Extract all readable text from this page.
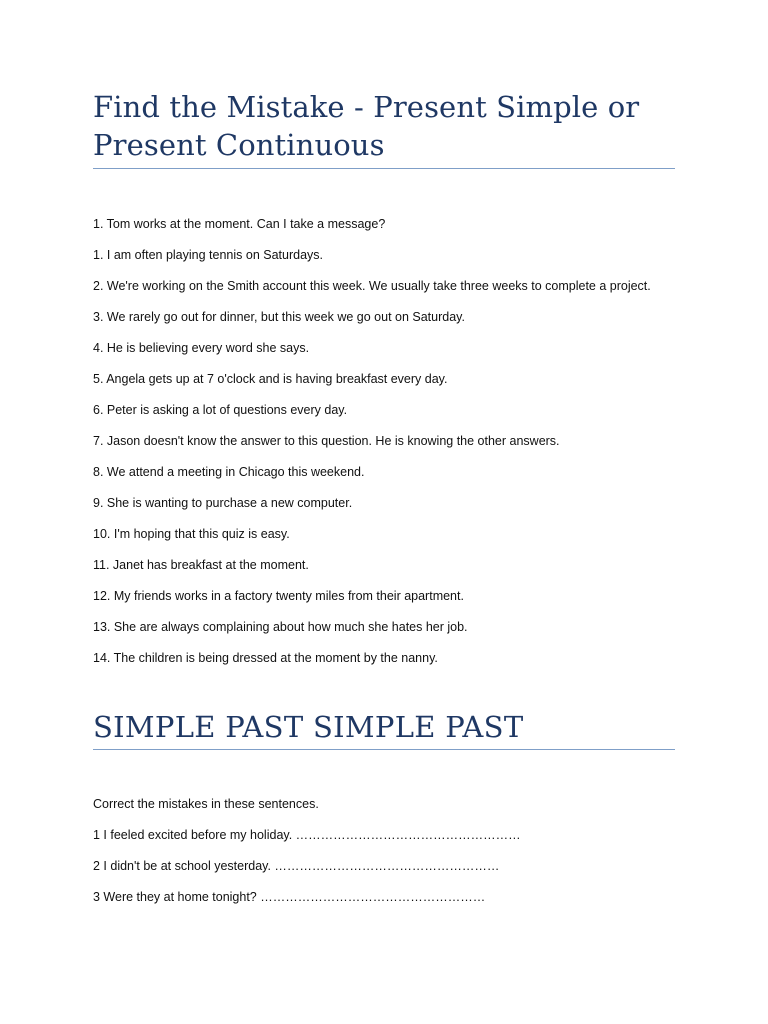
Find the Mistake - Present Simple or
Present Continuous
1. Tom works at the moment. Can I take a message?
1. I am often playing tennis on Saturdays.
2. We're working on the Smith account this week. We usually take three weeks to complete a project.
3. We rarely go out for dinner, but this week we go out on Saturday.
4. He is believing every word she says.
5. Angela gets up at 7 o'clock and is having breakfast every day.
6. Peter is asking a lot of questions every day.
7. Jason doesn't know the answer to this question. He is knowing the other answers.
8. We attend a meeting in Chicago this weekend.
9. She is wanting to purchase a new computer.
10. I'm hoping that this quiz is easy.
11. Janet has breakfast at the moment.
12. My friends works in a factory twenty miles from their apartment.
13. She are always complaining about how much she hates her job.
14. The children is being dressed at the moment by the nanny.
SIMPLE PAST SIMPLE PAST
Correct the mistakes in these sentences.
1 I feeled excited before my holiday. ………………………………………………
2 I didn't be at school yesterday. ………………………………………………
3 Were they at home tonight? ………………………………………………
